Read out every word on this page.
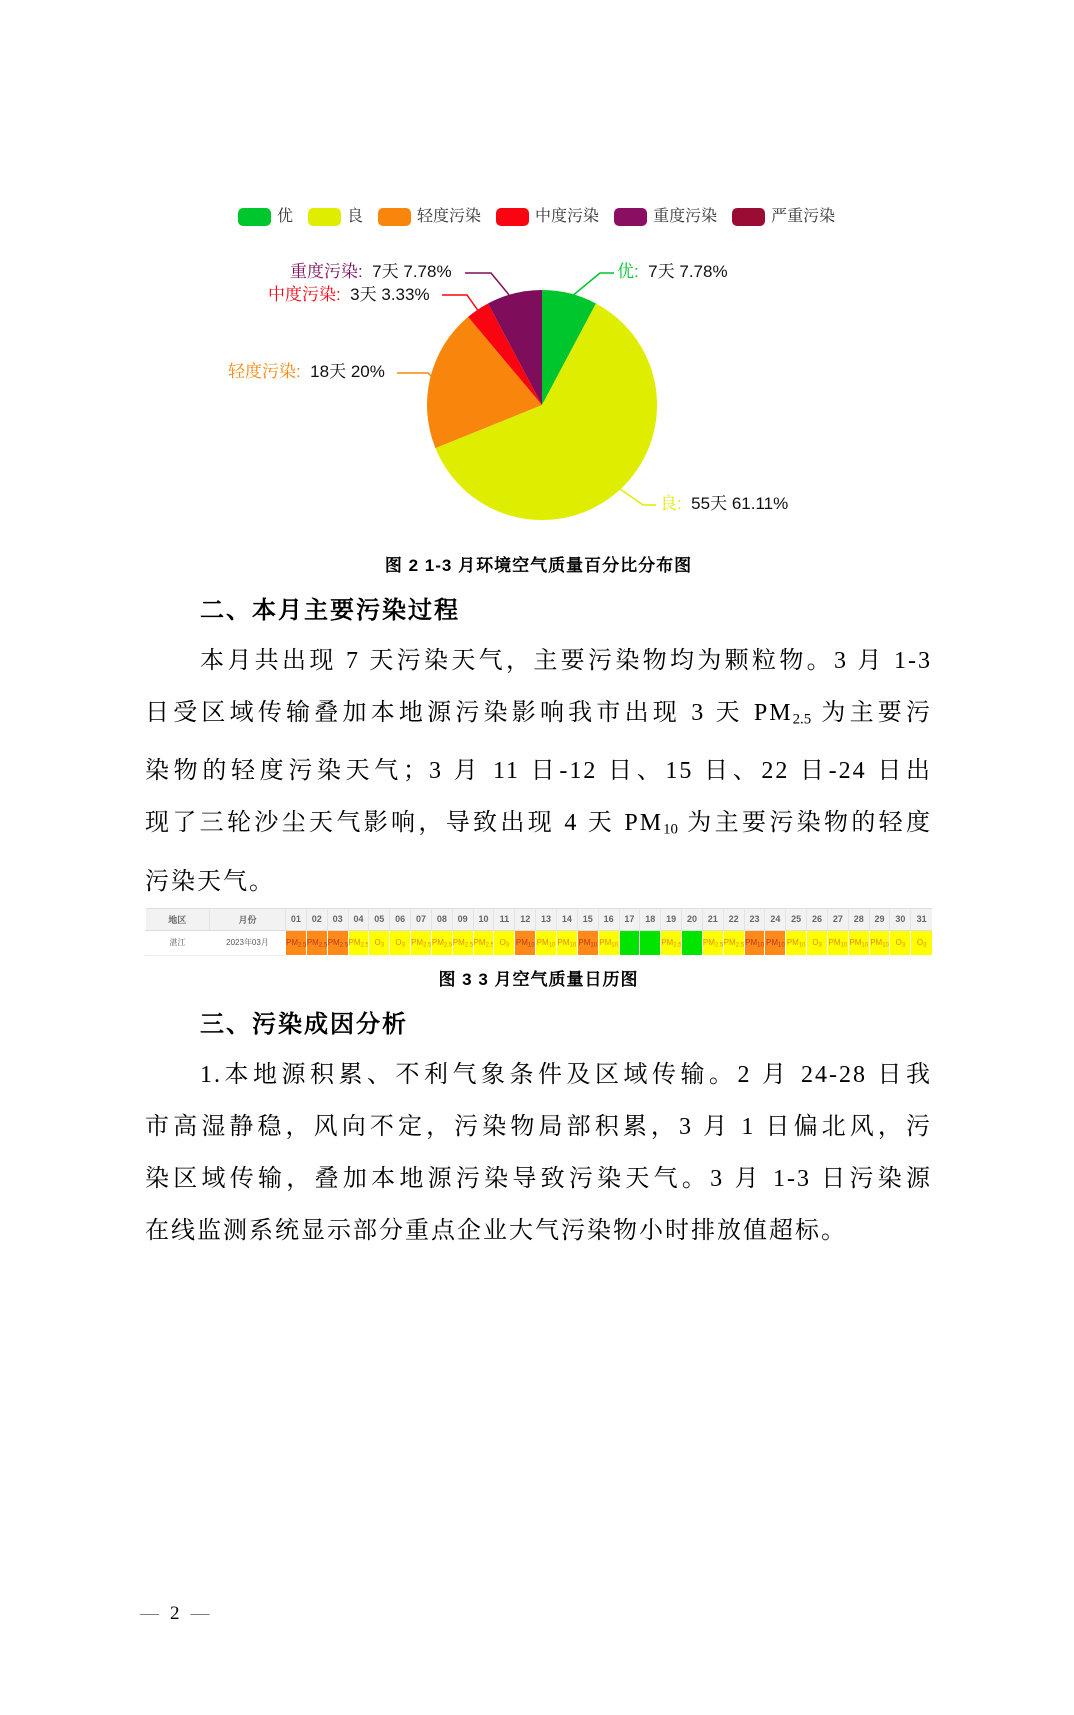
优	良	轻度污染	中度污染	重度污染	严重污染
优:  7天 7.78%
良:  55天 61.11%
轻度污染:  18天 20%
中度污染:  3天 3.33%
重度污染:  7天 7.78%
图 2 1-3 月环境空气质量百分比分布图
二、本月主要污染过程
本月共出现 7 天污染天气，主要污染物均为颗粒物。3 月 1-3
日受区域传输叠加本地源污染影响我市出现 3 天 $PM_{2.5}$ 为主要污
染物的轻度污染天气；3 月 11 日-12 日、15 日、22 日-24 日出
现了三轮沙尘天气影响，导致出现 4 天 $PM_{10}$ 为主要污染物的轻度
污染天气。
地区	月份	01	02	03	04	05	06	07	08	09	10	11	12	13	14	15	16	17	18	19	20	21	22	23	24	25	26	27	28	29	30	31
湛江	2023年03月	$PM_{2.5}$	$PM_{2.5}$	$PM_{2.5}$	$PM_{2.5}$	$O_3$	$O_3$	$PM_{2.5}$	$PM_{2.5}$	$PM_{2.5}$	$PM_{2.5}$	$O_3$	$PM_{10}$	$PM_{10}$	$PM_{10}$	$PM_{10}$	$PM_{10}$			$PM_{2.5}$		$PM_{2.5}$	$PM_{2.5}$	$PM_{10}$	$PM_{10}$	$PM_{10}$	$O_3$	$PM_{10}$	$PM_{10}$	$PM_{10}$	$O_3$	$O_3$
图 3 3 月空气质量日历图
三、污染成因分析
1.本地源积累、不利气象条件及区域传输。2 月 24-28 日我
市高湿静稳，风向不定，污染物局部积累，3 月 1 日偏北风，污
染区域传输，叠加本地源污染导致污染天气。3 月 1-3 日污染源
在线监测系统显示部分重点企业大气污染物小时排放值超标。
— 2 —
